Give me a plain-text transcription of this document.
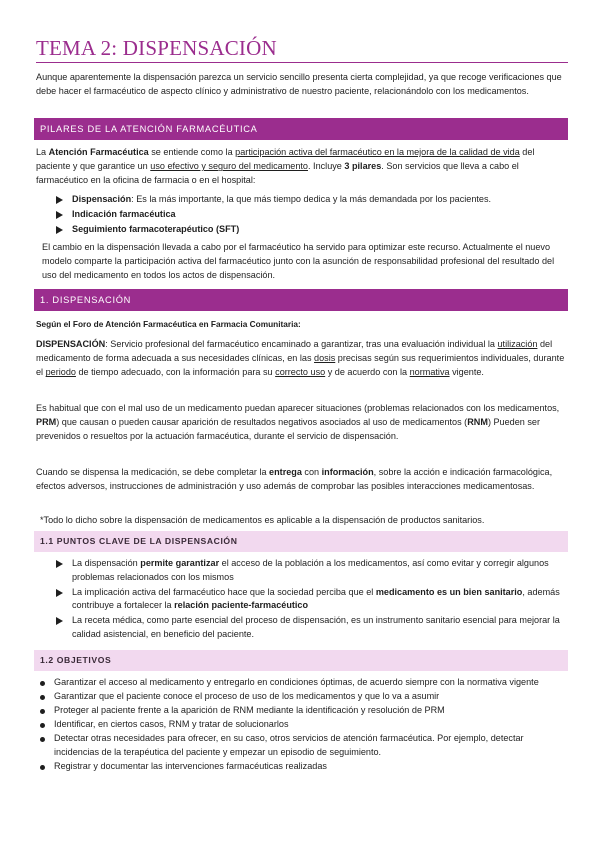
TEMA 2: DISPENSACIÓN

Aunque aparentemente la dispensación parezca un servicio sencillo presenta cierta complejidad, ya que recoge verificaciones que debe hacer el farmacéutico de aspecto clínico y administrativo de nuestro paciente, relacionándolo con los medicamentos.

PILARES DE LA ATENCIÓN FARMACÉUTICA

La Atención Farmacéutica se entiende como la participación activa del farmacéutico en la mejora de la calidad de vida del paciente y que garantice un uso efectivo y seguro del medicamento. Incluye 3 pilares. Son servicios que lleva a cabo el farmacéutico en la oficina de farmacia o en el hospital:

Dispensación: Es la más importante, la que más tiempo dedica y la más demandada por los pacientes.
Indicación farmacéutica
Seguimiento farmacoterapéutico (SFT)

El cambio en la dispensación llevada a cabo por el farmacéutico ha servido para optimizar este recurso. Actualmente el nuevo modelo comparte la participación activa del farmacéutico junto con la asunción de responsabilidad profesional del resultado del uso del medicamento en todos los actos de dispensación.

1. DISPENSACIÓN
Según el Foro de Atención Farmacéutica en Farmacia Comunitaria:

DISPENSACIÓN: Servicio profesional del farmacéutico encaminado a garantizar, tras una evaluación individual la utilización del medicamento de forma adecuada a sus necesidades clínicas, en las dosis precisas según sus requerimientos individuales, durante el periodo de tiempo adecuado, con la información para su correcto uso y de acuerdo con la normativa vigente.

Es habitual que con el mal uso de un medicamento puedan aparecer situaciones (problemas relacionados con los medicamentos, PRM) que causan o pueden causar aparición de resultados negativos asociados al uso de medicamentos (RNM) Pueden ser prevenidos o resueltos por la actuación farmacéutica, durante el servicio de dispensación.

Cuando se dispensa la medicación, se debe completar la entrega con información, sobre la acción e indicación farmacológica, efectos adversos, instrucciones de administración y uso además de comprobar las posibles interacciones medicamentosas.

*Todo lo dicho sobre la dispensación de medicamentos es aplicable a la dispensación de productos sanitarios.

1.1 PUNTOS CLAVE DE LA DISPENSACIÓN
La dispensación permite garantizar el acceso de la población a los medicamentos, así como evitar y corregir algunos problemas relacionados con los mismos
La implicación activa del farmacéutico hace que la sociedad perciba que el medicamento es un bien sanitario, además contribuye a fortalecer la relación paciente-farmacéutico
La receta médica, como parte esencial del proceso de dispensación, es un instrumento sanitario esencial para mejorar la calidad asistencial, en beneficio del paciente.
1.2 OBJETIVOS
Garantizar el acceso al medicamento y entregarlo en condiciones óptimas, de acuerdo siempre con la normativa vigente
Garantizar que el paciente conoce el proceso de uso de los medicamentos y que lo va a asumir
Proteger al paciente frente a la aparición de RNM mediante la identificación y resolución de PRM
Identificar, en ciertos casos, RNM y tratar de solucionarlos
Detectar otras necesidades para ofrecer, en su caso, otros servicios de atención farmacéutica. Por ejemplo, detectar incidencias de la terapéutica del paciente y empezar un episodio de seguimiento.
Registrar y documentar las intervenciones farmacéuticas realizadas
